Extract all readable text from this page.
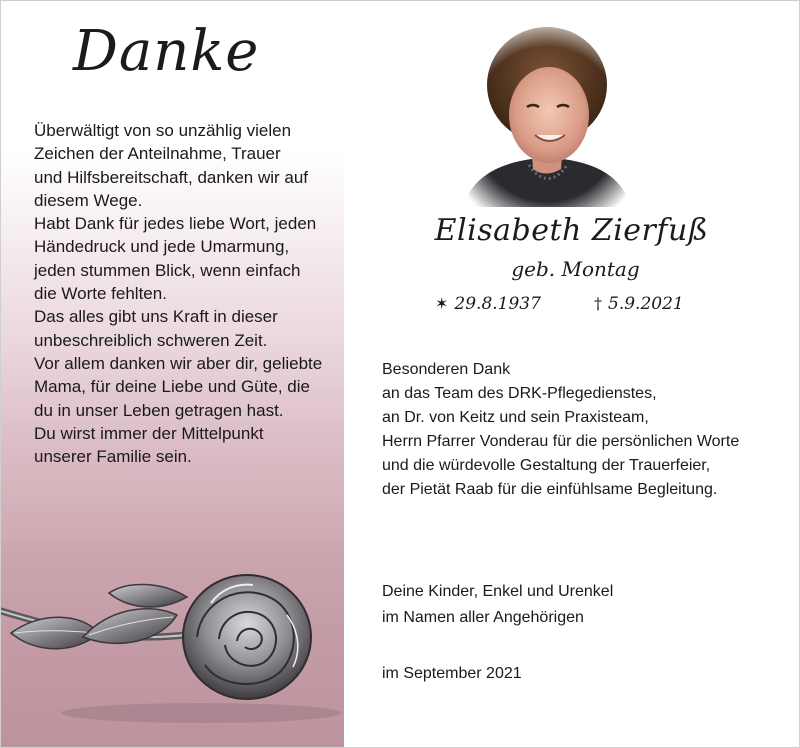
Danke
Überwältigt von so unzählig vielen
Zeichen der Anteilnahme, Trauer
und Hilfsbereitschaft, danken wir auf
diesem Wege.
Habt Dank für jedes liebe Wort, jeden
Händedruck und jede Umarmung,
jeden stummen Blick, wenn einfach
die Worte fehlten.
Das alles gibt uns Kraft in dieser
unbeschreiblich schweren Zeit.
Vor allem danken wir aber dir, geliebte
Mama, für deine Liebe und Güte, die
du in unser Leben getragen hast.
Du wirst immer der Mittelpunkt
unserer Familie sein.
Elisabeth Zierfuß
geb. Montag
✶ 29.8.1937	† 5.9.2021
Besonderen Dank
an das Team des DRK-Pflegedienstes,
an Dr. von Keitz und sein Praxisteam,
Herrn Pfarrer Vonderau für die persönlichen Worte
und die würdevolle Gestaltung der Trauerfeier,
der Pietät Raab für die einfühlsame Begleitung.
Deine Kinder, Enkel und Urenkel
im Namen aller Angehörigen
im September 2021
